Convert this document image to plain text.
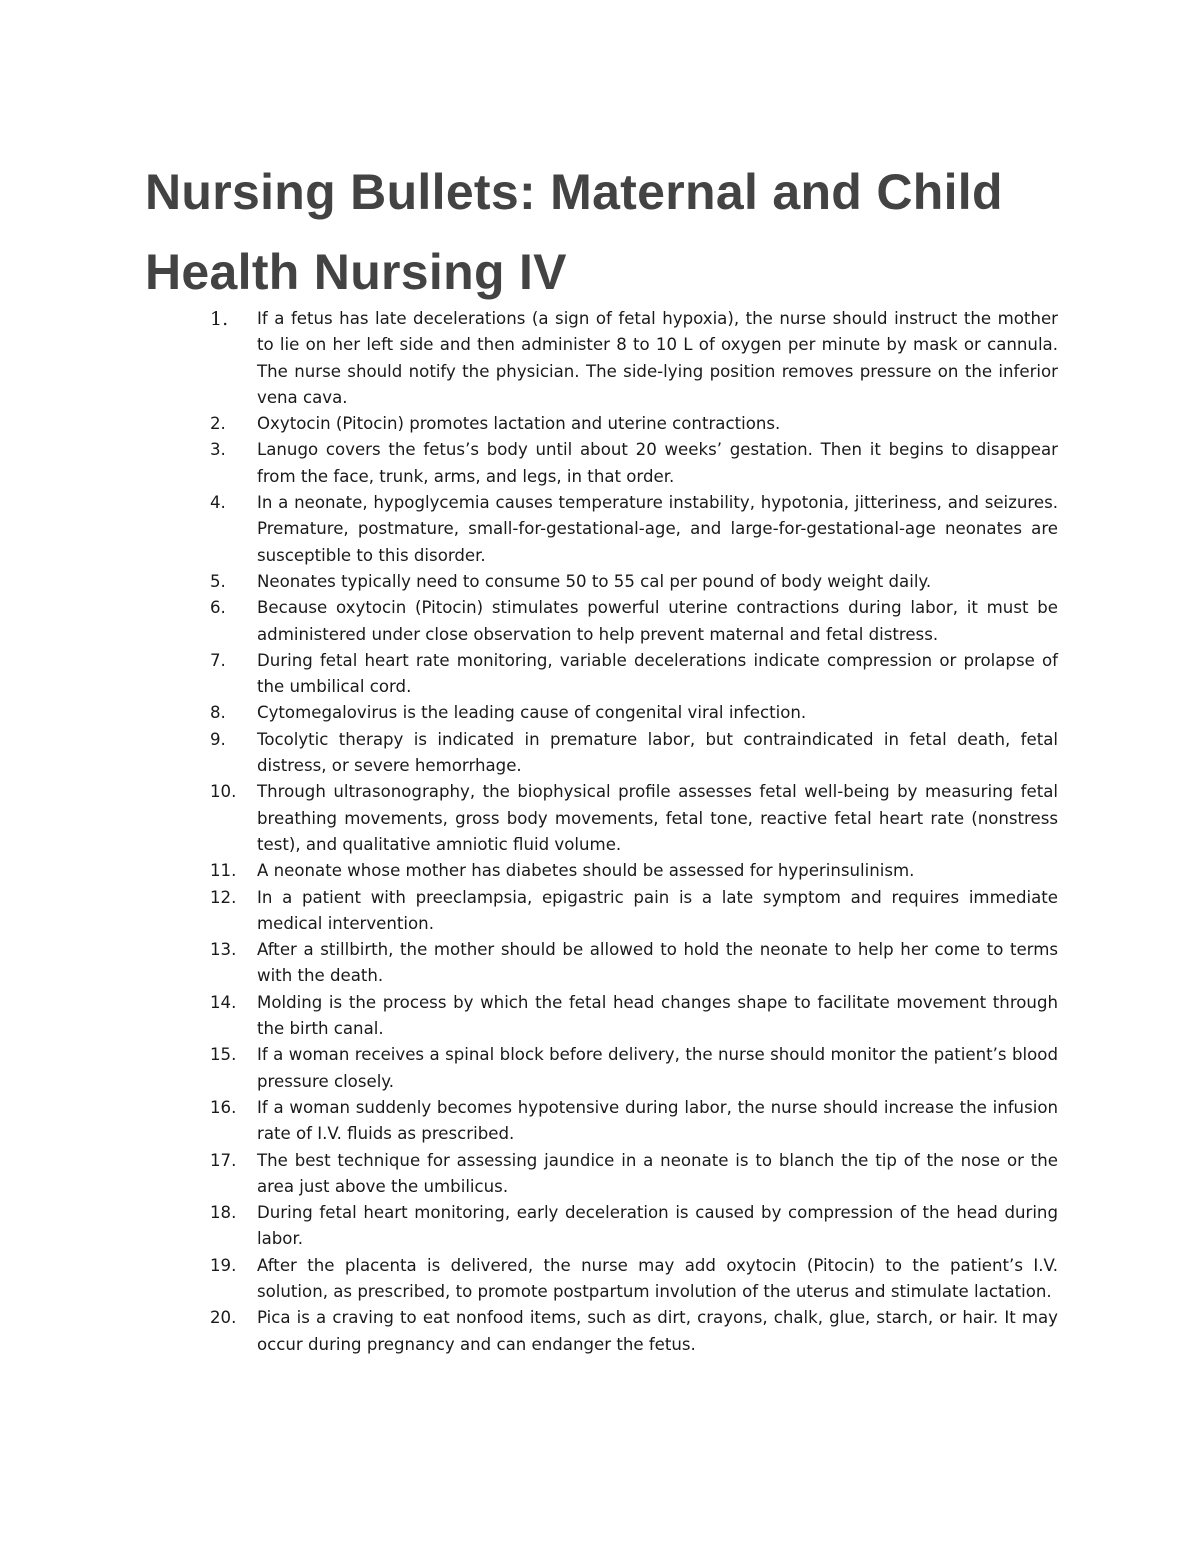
Nursing Bullets: Maternal and Child Health Nursing IV
1.	If a fetus has late decelerations (a sign of fetal hypoxia), the nurse should instruct the mother to lie on her left side and then administer 8 to 10 L of oxygen per minute by mask or cannula. The nurse should notify the physician. The side-lying position removes pressure on the inferior vena cava.
2.	Oxytocin (Pitocin) promotes lactation and uterine contractions.
3.	Lanugo covers the fetus’s body until about 20 weeks’ gestation. Then it begins to disappear from the face, trunk, arms, and legs, in that order.
4.	In a neonate, hypoglycemia causes temperature instability, hypotonia, jitteriness, and seizures. Premature, postmature, small-for-gestational-age, and large-for-gestational-age neonates are susceptible to this disorder.
5.	Neonates typically need to consume 50 to 55 cal per pound of body weight daily.
6.	Because oxytocin (Pitocin) stimulates powerful uterine contractions during labor, it must be administered under close observation to help prevent maternal and fetal distress.
7.	During fetal heart rate monitoring, variable decelerations indicate compression or prolapse of the umbilical cord.
8.	Cytomegalovirus is the leading cause of congenital viral infection.
9.	Tocolytic therapy is indicated in premature labor, but contraindicated in fetal death, fetal distress, or severe hemorrhage.
10.	Through ultrasonography, the biophysical profile assesses fetal well-being by measuring fetal breathing movements, gross body movements, fetal tone, reactive fetal heart rate (nonstress test), and qualitative amniotic fluid volume.
11.	A neonate whose mother has diabetes should be assessed for hyperinsulinism.
12.	In a patient with preeclampsia, epigastric pain is a late symptom and requires immediate medical intervention.
13.	After a stillbirth, the mother should be allowed to hold the neonate to help her come to terms with the death.
14.	Molding is the process by which the fetal head changes shape to facilitate movement through the birth canal.
15.	If a woman receives a spinal block before delivery, the nurse should monitor the patient’s blood pressure closely.
16.	If a woman suddenly becomes hypotensive during labor, the nurse should increase the infusion rate of I.V. fluids as prescribed.
17.	The best technique for assessing jaundice in a neonate is to blanch the tip of the nose or the area just above the umbilicus.
18.	During fetal heart monitoring, early deceleration is caused by compression of the head during labor.
19.	After the placenta is delivered, the nurse may add oxytocin (Pitocin) to the patient’s I.V. solution, as prescribed, to promote postpartum involution of the uterus and stimulate lactation.
20.	Pica is a craving to eat nonfood items, such as dirt, crayons, chalk, glue, starch, or hair. It may occur during pregnancy and can endanger the fetus.
